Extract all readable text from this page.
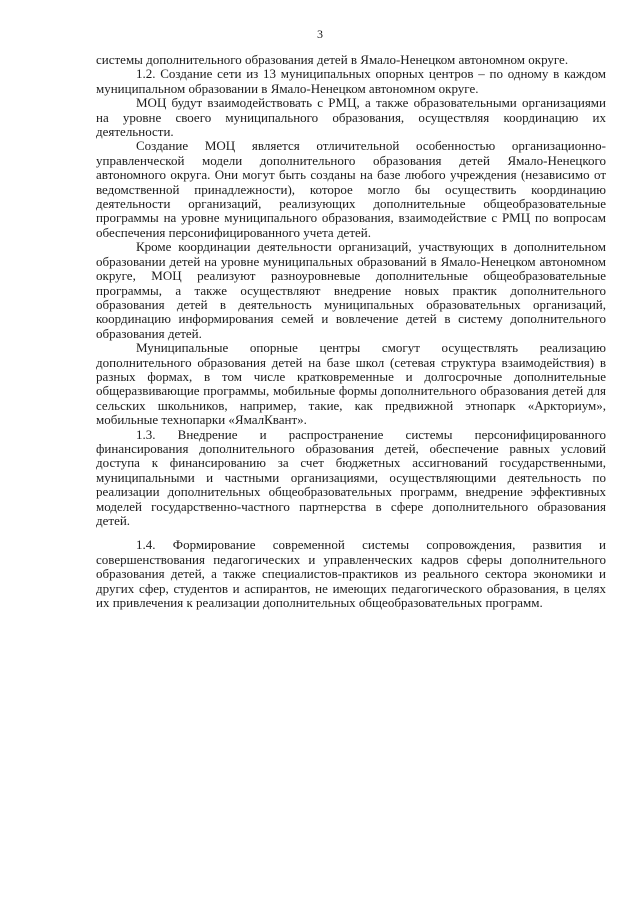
3

системы дополнительного образования детей в Ямало-Ненецком автономном округе.

1.2. Создание сети из 13 муниципальных опорных центров – по одному в каждом муниципальном образовании в Ямало-Ненецком автономном округе.

МОЦ будут взаимодействовать с РМЦ, а также образовательными организациями на уровне своего муниципального образования, осуществляя координацию их деятельности.

Создание МОЦ является отличительной особенностью организационно-управленческой модели дополнительного образования детей Ямало-Ненецкого автономного округа. Они могут быть созданы на базе любого учреждения (независимо от ведомственной принадлежности), которое могло бы осуществить координацию деятельности организаций, реализующих дополнительные общеобразовательные программы на уровне муниципального образования, взаимодействие с РМЦ по вопросам обеспечения персонифицированного учета детей.

Кроме координации деятельности организаций, участвующих в дополнительном образовании детей на уровне муниципальных образований в Ямало-Ненецком автономном округе, МОЦ реализуют разноуровневые дополнительные общеобразовательные программы, а также осуществляют внедрение новых практик дополнительного образования детей в деятельность муниципальных образовательных организаций, координацию информирования семей и вовлечение детей в систему дополнительного образования детей.

Муниципальные опорные центры смогут осуществлять реализацию дополнительного образования детей на базе школ (сетевая структура взаимодействия) в разных формах, в том числе кратковременные и долгосрочные дополнительные общеразвивающие программы, мобильные формы дополнительного образования детей для сельских школьников, например, такие, как предвижной этнопарк «Аркториум», мобильные технопарки «ЯмалКвант».

1.3. Внедрение и распространение системы персонифицированного финансирования дополнительного образования детей, обеспечение равных условий доступа к финансированию за счет бюджетных ассигнований государственными, муниципальными и частными организациями, осуществляющими деятельность по реализации дополнительных общеобразовательных программ, внедрение эффективных моделей государственно-частного партнерства в сфере дополнительного образования детей.

1.4. Формирование современной системы сопровождения, развития и совершенствования педагогических и управленческих кадров сферы дополнительного образования детей, а также специалистов-практиков из реального сектора экономики и других сфер, студентов и аспирантов, не имеющих педагогического образования, в целях их привлечения к реализации дополнительных общеобразовательных программ.
